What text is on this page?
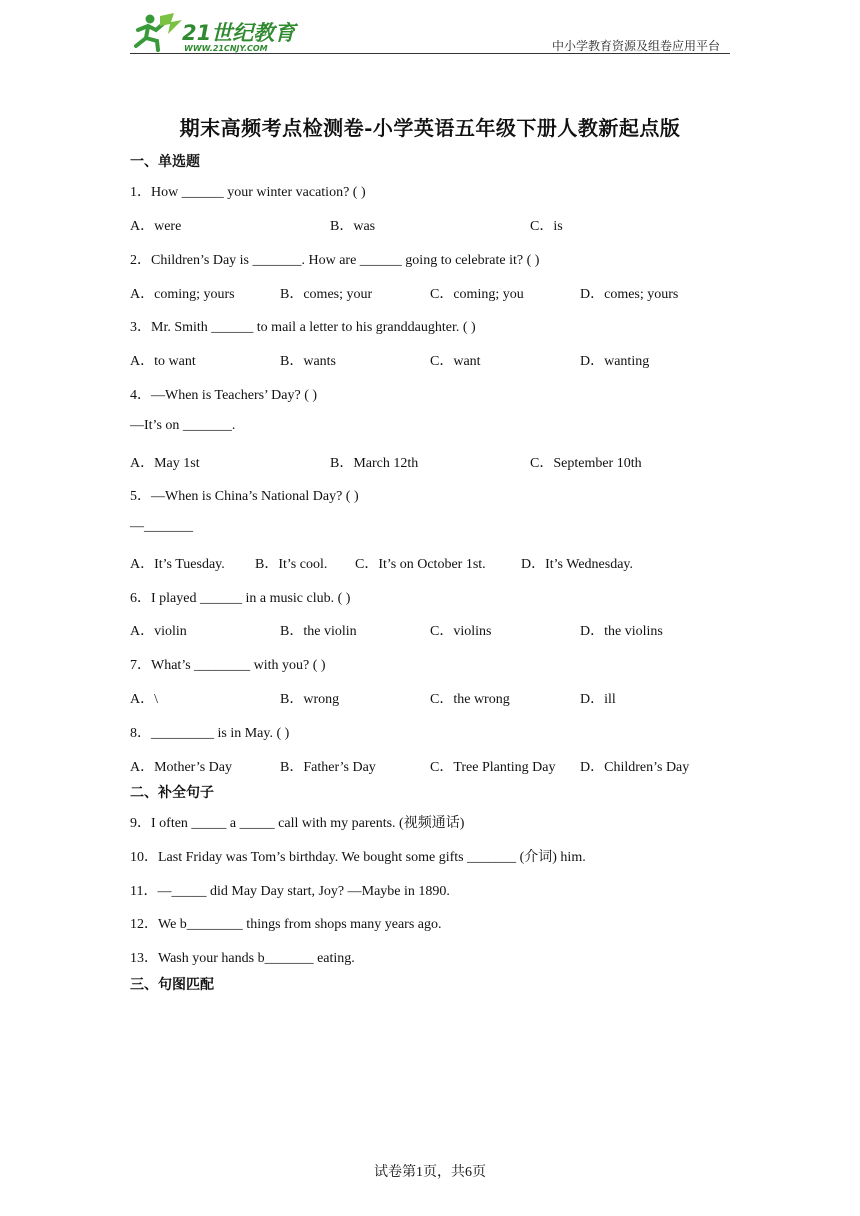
21世纪教育
WWW.21CNJY.COM	中小学教育资源及组卷应用平台
期末高频考点检测卷-小学英语五年级下册人教新起点版
一、单选题
1．How ______ your winter vacation? ( )
A．were	B．was	C．is
2．Children’s Day is _______. How are ______ going to celebrate it? ( )
A．coming; yours	B．comes; your	C．coming; you	D．comes; yours
3．Mr. Smith ______ to mail a letter to his granddaughter. ( )
A．to want	B．wants	C．want	D．wanting
4．—When is Teachers’ Day? ( )
—It’s on _______.
A．May 1st	B．March 12th	C．September 10th
5．—When is China’s National Day? ( )
—_______
A．It’s Tuesday. B．It’s cool. C．It’s on October 1st.	D．It’s Wednesday.
6．I played ______ in a music club. ( )
A．violin	B．the violin	C．violins	D．the violins
7．What’s ________ with you? ( )
A．\	B．wrong	C．the wrong	D．ill
8．_________ is in May. ( )
A．Mother’s Day	B．Father’s Day	C．Tree Planting Day D．Children’s Day
二、补全句子
9．I often _____ a _____ call with my parents. (视频通话)
10．Last Friday was Tom’s birthday. We bought some gifts _______ (介词) him.
11．—_____ did May Day start, Joy? —Maybe in 1890.
12．We b________ things from shops many years ago.
13．Wash your hands b_______ eating.
三、句图匹配
试卷第1页，共6页
